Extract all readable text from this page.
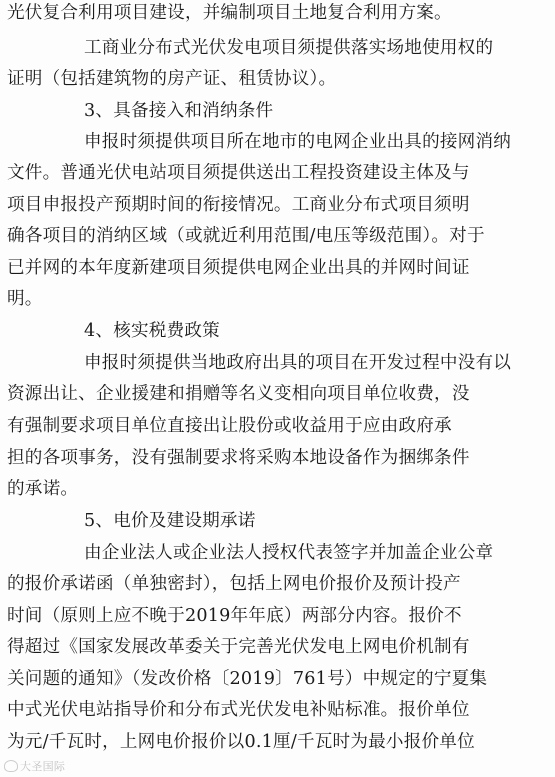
光伏复合利用项目建设，并编制项目土地复合利用方案。
工商业分布式光伏发电项目须提供落实场地使用权的
证明（包括建筑物的房产证、租赁协议）。
3、具备接入和消纳条件
申报时须提供项目所在地市的电网企业出具的接网消纳
文件。普通光伏电站项目须提供送出工程投资建设主体及与
项目申报投产预期时间的衔接情况。工商业分布式项目须明
确各项目的消纳区域（或就近利用范围/电压等级范围）。对于
已并网的本年度新建项目须提供电网企业出具的并网时间证
明。
4、核实税费政策
申报时须提供当地政府出具的项目在开发过程中没有以
资源出让、企业援建和捐赠等名义变相向项目单位收费，没
有强制要求项目单位直接出让股份或收益用于应由政府承
担的各项事务，没有强制要求将采购本地设备作为捆绑条件
的承诺。
5、电价及建设期承诺
由企业法人或企业法人授权代表签字并加盖企业公章
的报价承诺函（单独密封），包括上网电价报价及预计投产
时间（原则上应不晚于2019年年底）两部分内容。报价不
得超过《国家发展改革委关于完善光伏发电上网电价机制有
关问题的通知》（发改价格〔2019〕761号）中规定的宁夏集
中式光伏电站指导价和分布式光伏发电补贴标准。报价单位
为元/千瓦时，上网电价报价以0.1厘/千瓦时为最小报价单位
大圣国际
